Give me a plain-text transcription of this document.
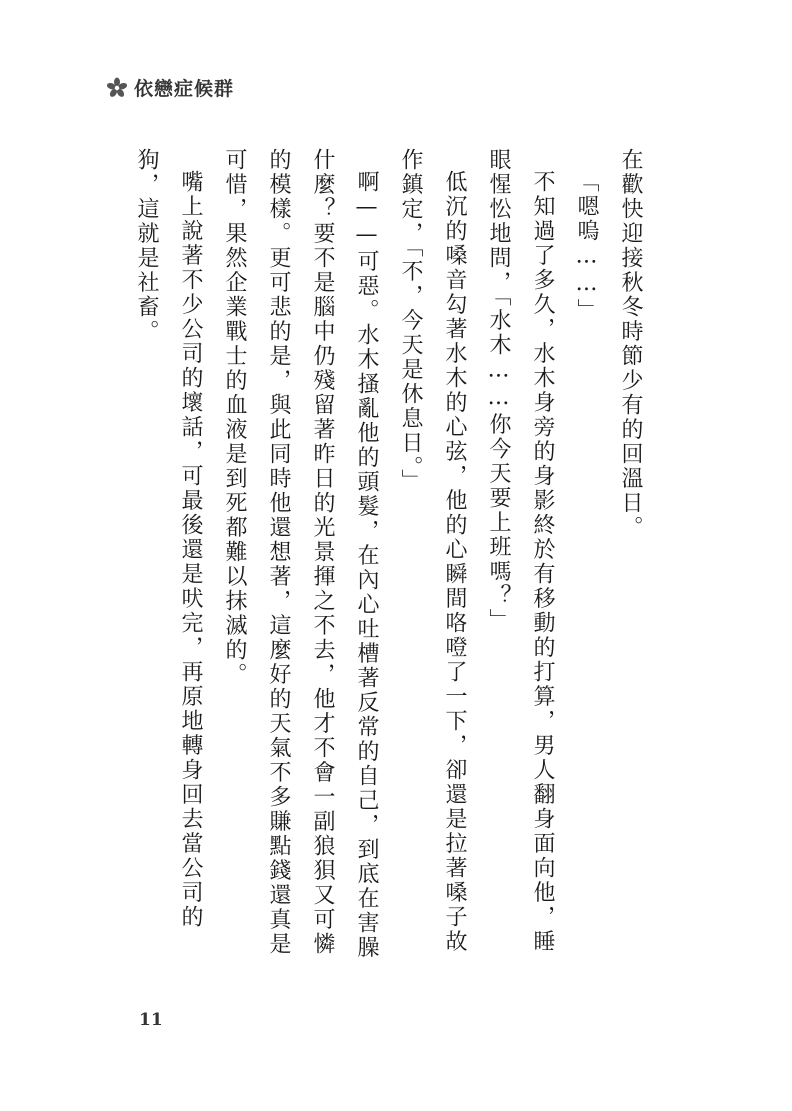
依戀症候群

在歡快迎接秋冬時節少有的回溫日。

「嗯嗚……」

不知過了多久，水木身旁的身影終於有移動的打算，男人翻身面向他，睡眼惺忪地問，「水木……你今天要上班嗎？」

低沉的嗓音勾著水木的心弦，他的心瞬間咯噔了一下，卻還是拉著嗓子故作鎮定，「不，今天是休息日。」

啊——可惡。水木搔亂他的頭髮，在內心吐槽著反常的自己，到底在害臊什麼？要不是腦中仍殘留著昨日的光景揮之不去，他才不會一副狼狽又可憐的模樣。更可悲的是，與此同時他還想著，這麼好的天氣不多賺點錢還真是可惜，果然企業戰士的血液是到死都難以抹滅的。

嘴上說著不少公司的壞話，可最後還是吠完，再原地轉身回去當公司的狗，這就是社畜。

11
